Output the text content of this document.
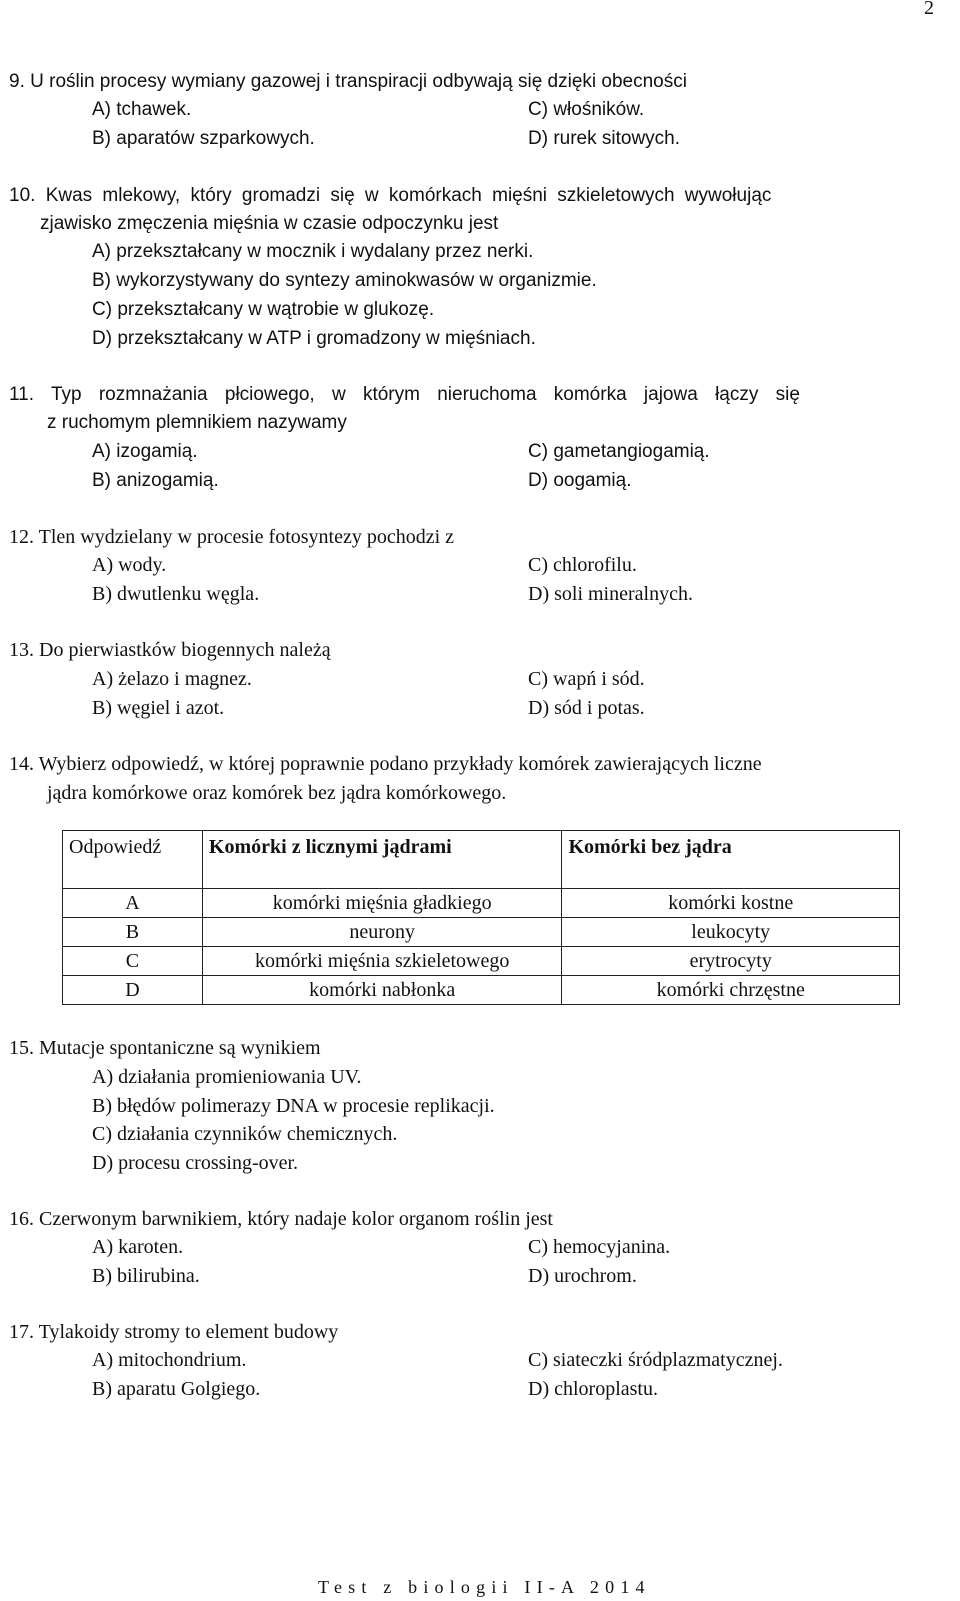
2
9. U roślin procesy wymiany gazowej i transpiracji odbywają się dzięki obecności
A) tchawek.	C) włośników.
B) aparatów szparkowych.	D) rurek sitowych.
10. Kwas mlekowy, który gromadzi się w komórkach mięśni szkieletowych wywołując
zjawisko zmęczenia mięśnia w czasie odpoczynku jest
A) przekształcany w mocznik i wydalany przez nerki.
B) wykorzystywany do syntezy aminokwasów w organizmie.
C) przekształcany w wątrobie w glukozę.
D) przekształcany w ATP i gromadzony w mięśniach.
11. Typ rozmnażania płciowego, w którym nieruchoma komórka jajowa łączy się
z ruchomym plemnikiem nazywamy
A) izogamią.	C) gametangiogamią.
B) anizogamią.	D) oogamią.
12. Tlen wydzielany w procesie fotosyntezy pochodzi z
A) wody.	C) chlorofilu.
B) dwutlenku węgla.	D) soli mineralnych.
13. Do pierwiastków biogennych należą
A) żelazo i magnez.	C) wapń i sód.
B) węgiel i azot.	D) sód i potas.
14. Wybierz odpowiedź, w której poprawnie podano przykłady komórek zawierających liczne
jądra komórkowe oraz komórek bez jądra komórkowego.
Odpowiedź	Komórki z licznymi jądrami	Komórki bez jądra
A	komórki mięśnia gładkiego	komórki kostne
B	neurony	leukocyty
C	komórki mięśnia szkieletowego	erytrocyty
D	komórki nabłonka	komórki chrzęstne
15. Mutacje spontaniczne są wynikiem
A) działania promieniowania UV.
B) błędów polimerazy DNA w procesie replikacji.
C) działania czynników chemicznych.
D) procesu crossing-over.
16. Czerwonym barwnikiem, który nadaje kolor organom roślin jest
A) karoten.	C) hemocyjanina.
B) bilirubina.	D) urochrom.
17. Tylakoidy stromy to element budowy
A) mitochondrium.	C) siateczki śródplazmatycznej.
B) aparatu Golgiego.	D) chloroplastu.
Test z biologii II-A 2014
